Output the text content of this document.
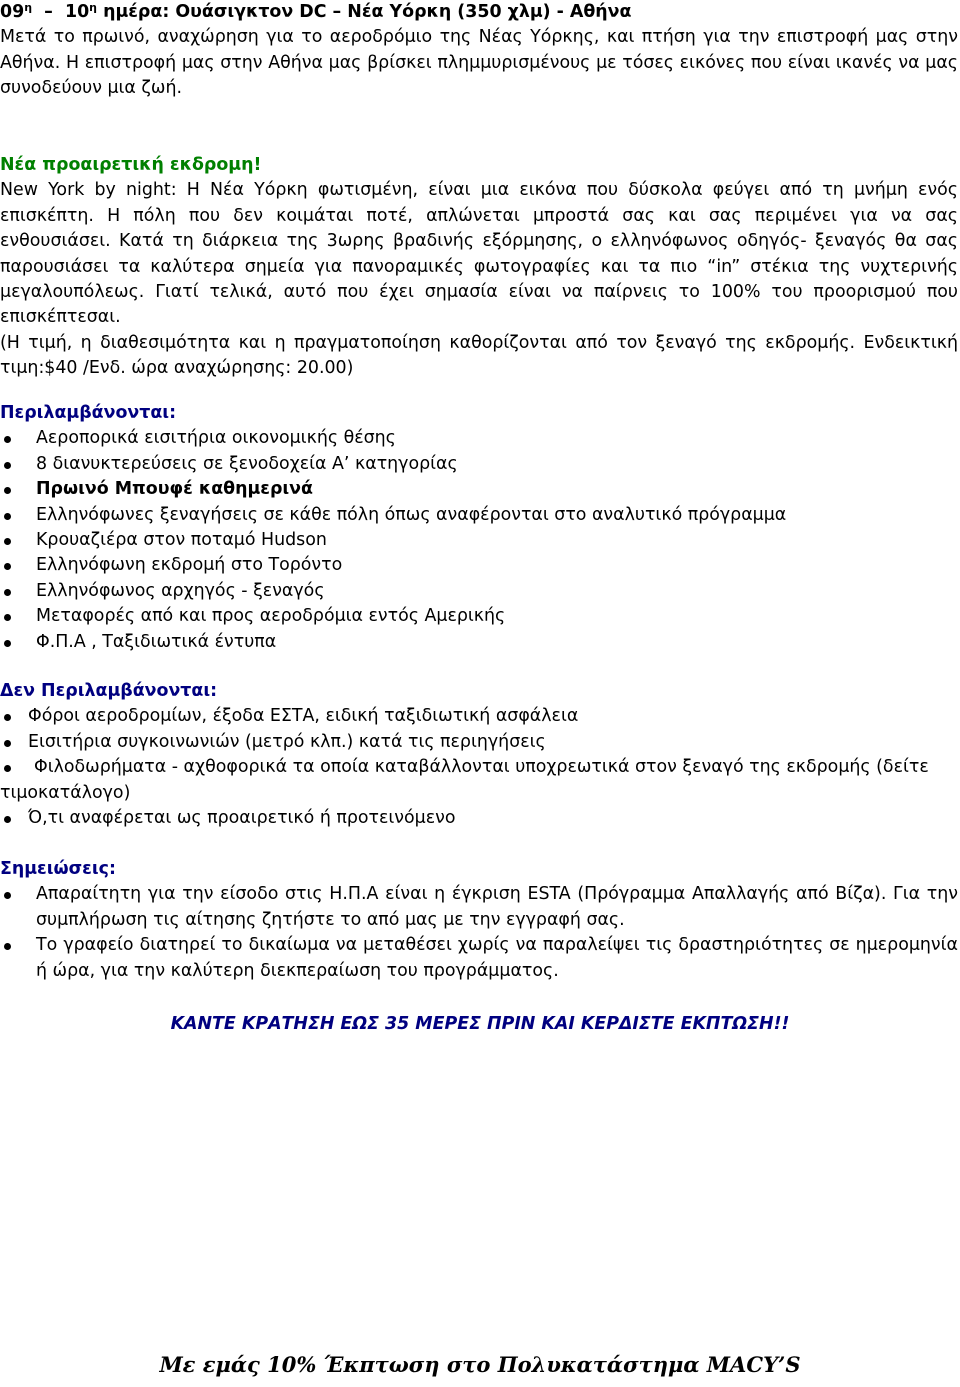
$09^\eta - 10^\eta$ ημέρα: Ουάσιγκτον DC – Νέα Υόρκη (350 χλμ) - Αθήνα

Μετά το πρωινό, αναχώρηση για το αεροδρόμιο της Νέας Υόρκης, και πτήση για την επιστροφή μας στην Αθήνα. Η επιστροφή μας στην Αθήνα μας βρίσκει πλημμυρισμένους με τόσες εικόνες που είναι ικανές να μας συνοδεύουν μια ζωή.

Νέα προαιρετική εκδρομη!

New York by night: Η Νέα Υόρκη φωτισμένη, είναι μια εικόνα που δύσκολα φεύγει από τη μνήμη ενός επισκέπτη. Η πόλη που δεν κοιμάται ποτέ, απλώνεται μπροστά σας και σας περιμένει για να σας ενθουσιάσει. Κατά τη διάρκεια της 3ωρης βραδινής εξόρμησης, ο ελληνόφωνος οδηγός- ξεναγός θα σας παρουσιάσει τα καλύτερα σημεία για πανοραμικές φωτογραφίες και τα πιο “in” στέκια της νυχτερινής μεγαλουπόλεως. Γιατί τελικά, αυτό που έχει σημασία είναι να παίρνεις το 100% του προορισμού που επισκέπτεσαι.

(Η τιμή, η διαθεσιμότητα και η πραγματοποίηση καθορίζονται από τον ξεναγό της εκδρομής. Ενδεικτική τιμη:$40 /Ενδ. ώρα αναχώρησης: 20.00)

Περιλαμβάνονται:
Αεροπορικά εισιτήρια οικονομικής θέσης
8 διανυκτερεύσεις σε ξενοδοχεία Α’ κατηγορίας
Πρωινό Μπουφέ καθημερινά
Ελληνόφωνες ξεναγήσεις σε κάθε πόλη όπως αναφέρονται στο αναλυτικό πρόγραμμα
Κρουαζιέρα στον ποταμό Hudson
Ελληνόφωνη εκδρομή στο Τορόντο
Ελληνόφωνος αρχηγός - ξεναγός
Μεταφορές από και προς αεροδρόμια εντός Αμερικής
Φ.Π.Α , Ταξιδιωτικά έντυπα
Δεν Περιλαμβάνονται:
Φόροι αεροδρομίων, έξοδα ΕΣΤΑ, ειδική ταξιδιωτική ασφάλεια
Εισιτήρια συγκοινωνιών (μετρό κλπ.) κατά τις περιηγήσεις
Φιλοδωρήματα - αχθοφορικά τα οποία καταβάλλονται υποχρεωτικά στον ξεναγό της εκδρομής (δείτε τιμοκατάλογο)
Ό,τι αναφέρεται ως προαιρετικό ή προτεινόμενο
Σημειώσεις:
Απαραίτητη για την είσοδο στις Η.Π.Α είναι η έγκριση ESTA (Πρόγραμμα Απαλλαγής από Βίζα). Για την συμπλήρωση τις αίτησης ζητήστε το από μας με την εγγραφή σας.
Το γραφείο διατηρεί το δικαίωμα να μεταθέσει χωρίς να παραλείψει τις δραστηριότητες σε ημερομηνία ή ώρα, για την καλύτερη διεκπεραίωση του προγράμματος.
ΚΑΝΤΕ ΚΡΑΤΗΣΗ ΕΩΣ 35 ΜΕΡΕΣ ΠΡΙΝ ΚΑΙ ΚΕΡΔΙΣΤΕ ΕΚΠΤΩΣΗ!!
Με εμάς 10% Έκπτωση στο Πολυκατάστημα MACY’S
